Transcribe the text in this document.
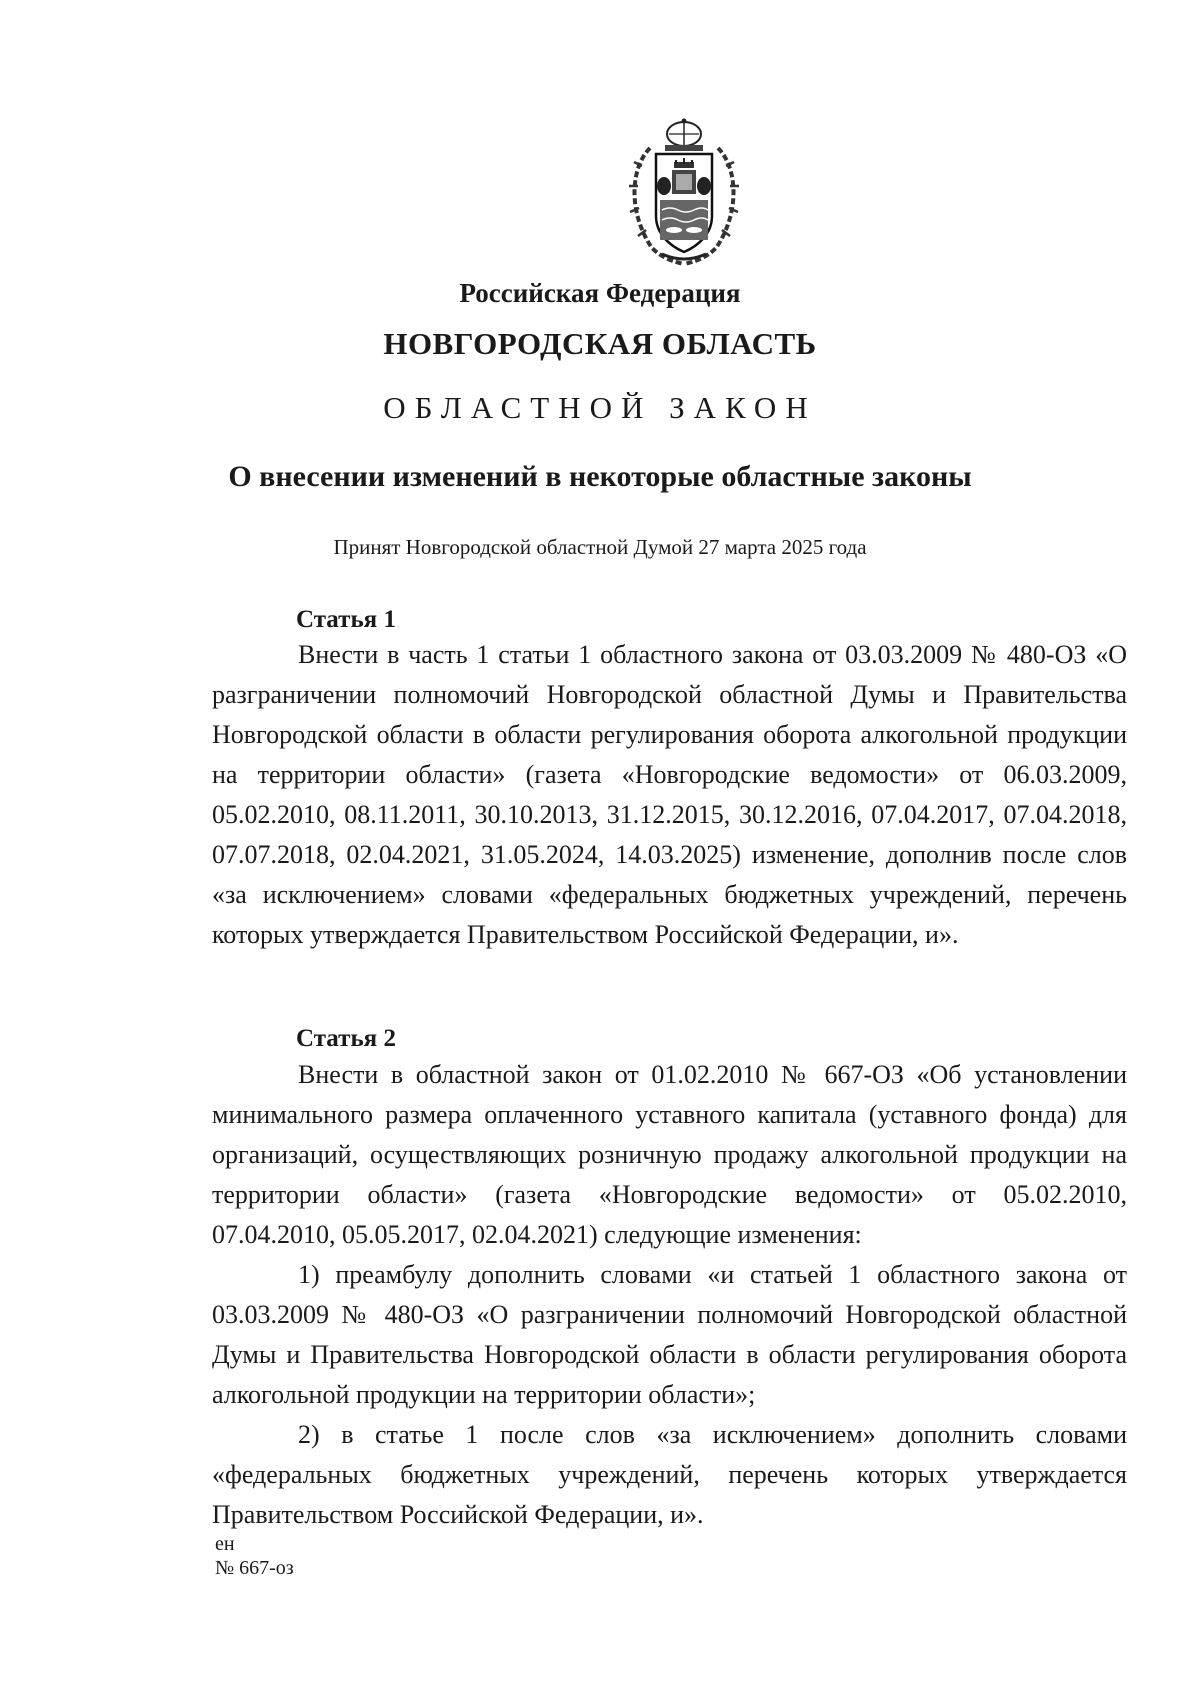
Российская Федерация
НОВГОРОДСКАЯ ОБЛАСТЬ
ОБЛАСТНОЙ ЗАКОН
О внесении изменений в некоторые областные законы
Принят Новгородской областной Думой 27 марта 2025 года
Статья 1

Внести в часть 1 статьи 1 областного закона от 03.03.2009 № 480-ОЗ «О разграничении полномочий Новгородской областной Думы и Правительства Новгородской области в области регулирования оборота алкогольной продукции на территории области» (газета «Новгородские ведомости» от 06.03.2009, 05.02.2010, 08.11.2011, 30.10.2013, 31.12.2015, 30.12.2016, 07.04.2017, 07.04.2018, 07.07.2018, 02.04.2021, 31.05.2024, 14.03.2025) изменение, дополнив после слов «за исключением» словами «федеральных бюджетных учреждений, перечень которых утверждается Правительством Российской Федерации, и».

Статья 2

Внести в областной закон от 01.02.2010 № 667-ОЗ «Об установлении минимального размера оплаченного уставного капитала (уставного фонда) для организаций, осуществляющих розничную продажу алкогольной продукции на территории области» (газета «Новгородские ведомости» от 05.02.2010, 07.04.2010, 05.05.2017, 02.04.2021) следующие изменения:

1) преамбулу дополнить словами «и статьей 1 областного закона от 03.03.2009 № 480-ОЗ «О разграничении полномочий Новгородской областной Думы и Правительства Новгородской области в области регулирования оборота алкогольной продукции на территории области»;

2) в статье 1 после слов «за исключением» дополнить словами «федеральных бюджетных учреждений, перечень которых утверждается Правительством Российской Федерации, и».

ен
№ 667-оз
